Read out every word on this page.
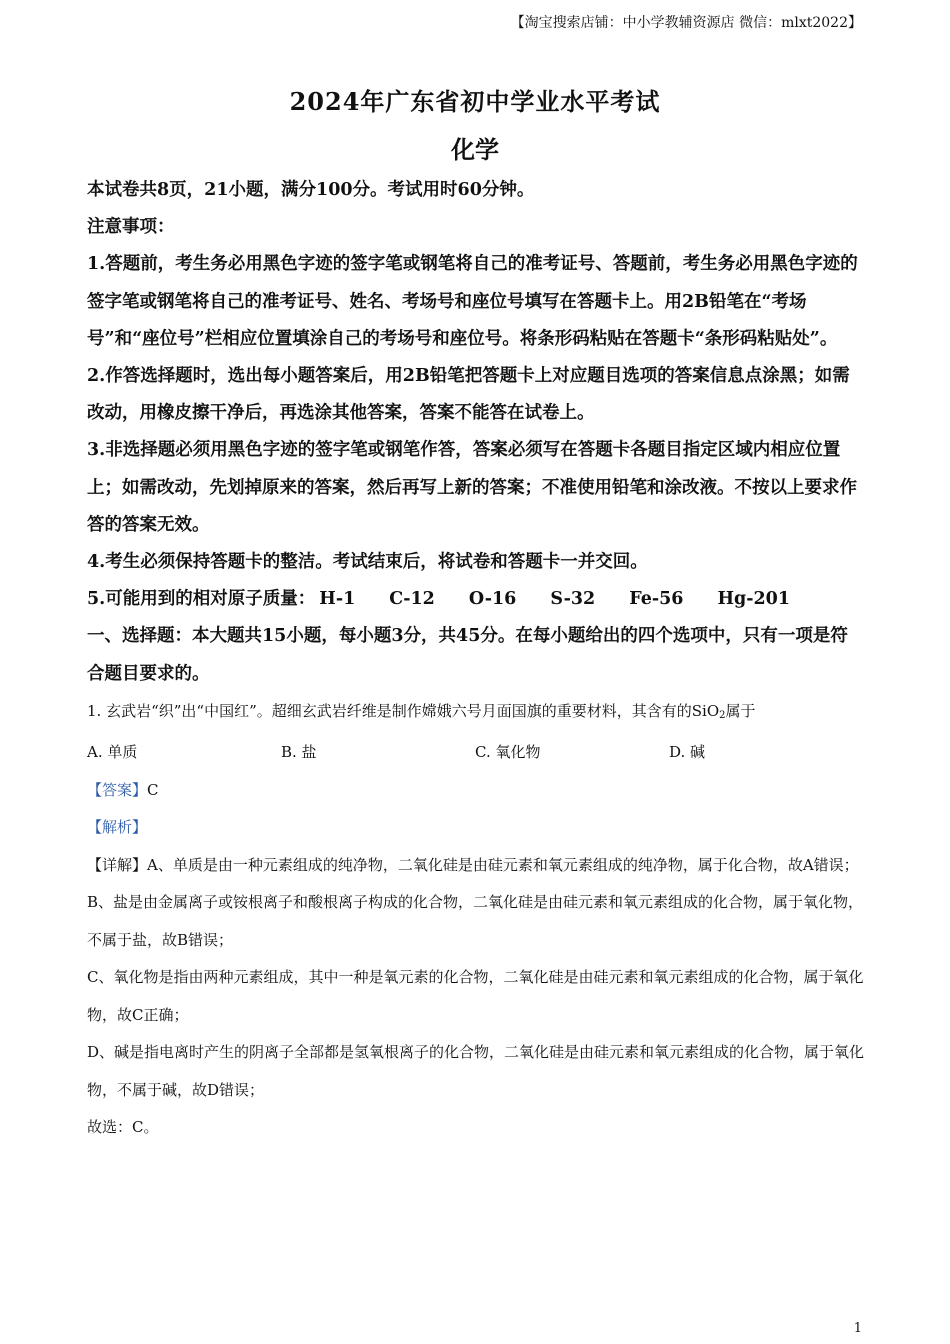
【淘宝搜索店铺：中小学教辅资源店 微信：mlxt2022】
2024年广东省初中学业水平考试
化学

本试卷共8页，21小题，满分100分。考试用时60分钟。

注意事项：

1.答题前，考生务必用黑色字迹的签字笔或钢笔将自己的准考证号、答题前，考生务必用黑色字迹的签字笔或钢笔将自己的准考证号、姓名、考场号和座位号填写在答题卡上。用2B铅笔在“考场号”和“座位号”栏相应位置填涂自己的考场号和座位号。将条形码粘贴在答题卡“条形码粘贴处”。

2.作答选择题时，选出每小题答案后，用2B铅笔把答题卡上对应题目选项的答案信息点涂黑；如需改动，用橡皮擦干净后，再选涂其他答案，答案不能答在试卷上。

3.非选择题必须用黑色字迹的签字笔或钢笔作答，答案必须写在答题卡各题目指定区域内相应位置上；如需改动，先划掉原来的答案，然后再写上新的答案；不准使用铅笔和涂改液。不按以上要求作答的答案无效。

4.考生必须保持答题卡的整洁。考试结束后，将试卷和答题卡一并交回。

5.可能用到的相对原子质量： H-1 C-12 O-16 S-32 Fe-56 Hg-201

一、选择题：本大题共15小题，每小题3分，共45分。在每小题给出的四个选项中，只有一项是符合题目要求的。

1. 玄武岩“织”出“中国红”。超细玄武岩纤维是制作嫦娥六号月面国旗的重要材料，其含有的SiO$_2$属于

A. 单质	B. 盐	C. 氧化物	D. 碱

【答案】C

【解析】

【详解】A、单质是由一种元素组成的纯净物，二氧化硅是由硅元素和氧元素组成的纯净物，属于化合物，故A错误；

B、盐是由金属离子或铵根离子和酸根离子构成的化合物，二氧化硅是由硅元素和氧元素组成的化合物，属于氧化物，不属于盐，故B错误；

C、氧化物是指由两种元素组成，其中一种是氧元素的化合物，二氧化硅是由硅元素和氧元素组成的化合物，属于氧化物，故C正确；

D、碱是指电离时产生的阴离子全部都是氢氧根离子的化合物，二氧化硅是由硅元素和氧元素组成的化合物，属于氧化物，不属于碱，故D错误；

故选：C。

1
